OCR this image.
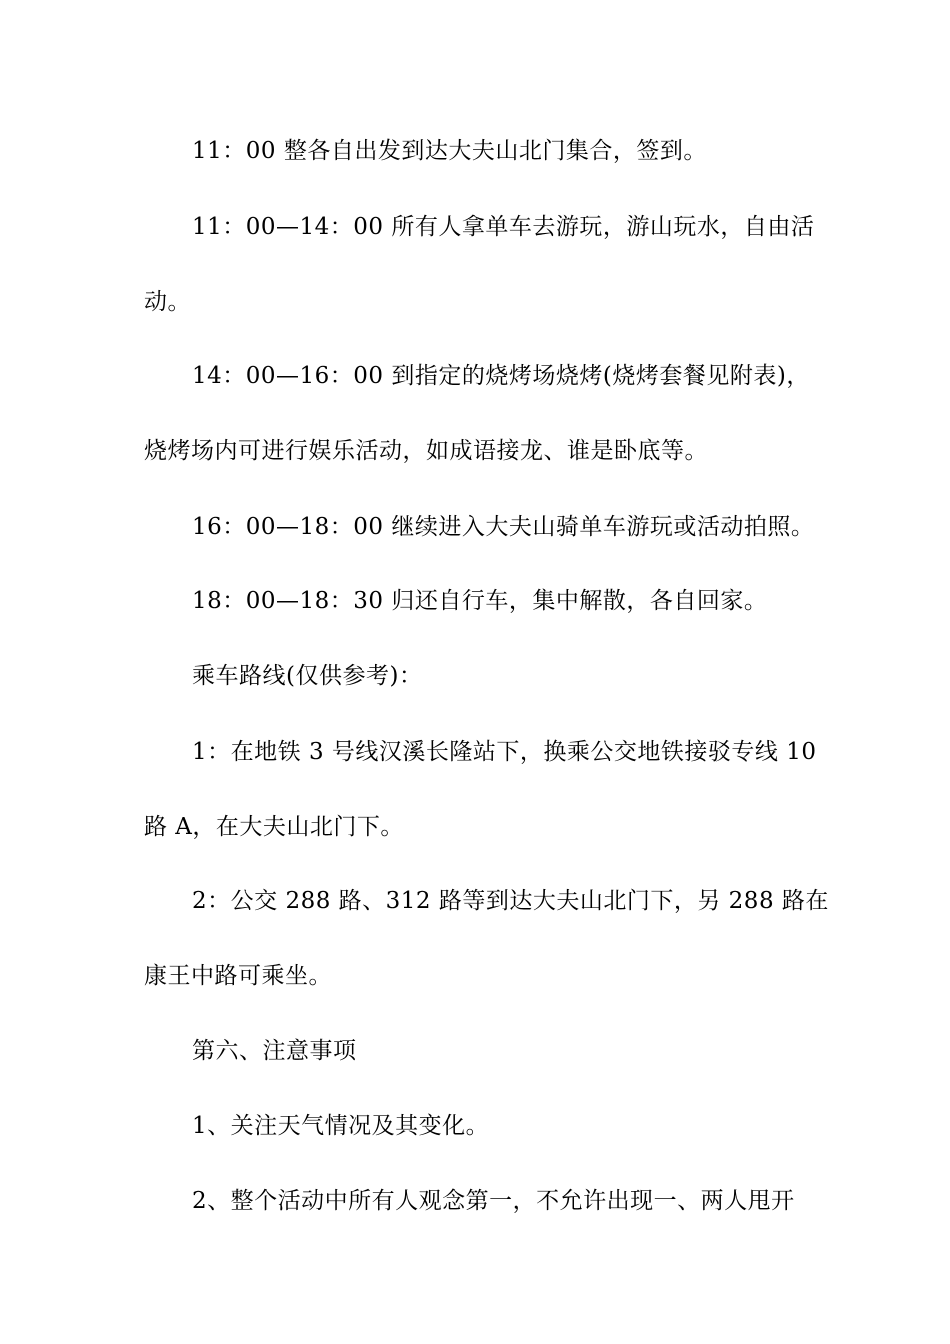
11：00 整各自出发到达大夫山北门集合，签到。
11：00—14：00 所有人拿单车去游玩，游山玩水，自由活
动。
14：00—16：00 到指定的烧烤场烧烤(烧烤套餐见附表)，
烧烤场内可进行娱乐活动，如成语接龙、谁是卧底等。
16：00—18：00 继续进入大夫山骑单车游玩或活动拍照。
18：00—18：30 归还自行车，集中解散，各自回家。
乘车路线(仅供参考)：
1：在地铁 3 号线汉溪长隆站下，换乘公交地铁接驳专线 10
路 A，在大夫山北门下。
2：公交 288 路、312 路等到达大夫山北门下，另 288 路在
康王中路可乘坐。
第六、注意事项
1、关注天气情况及其变化。
2、整个活动中所有人观念第一，不允许出现一、两人甩开
